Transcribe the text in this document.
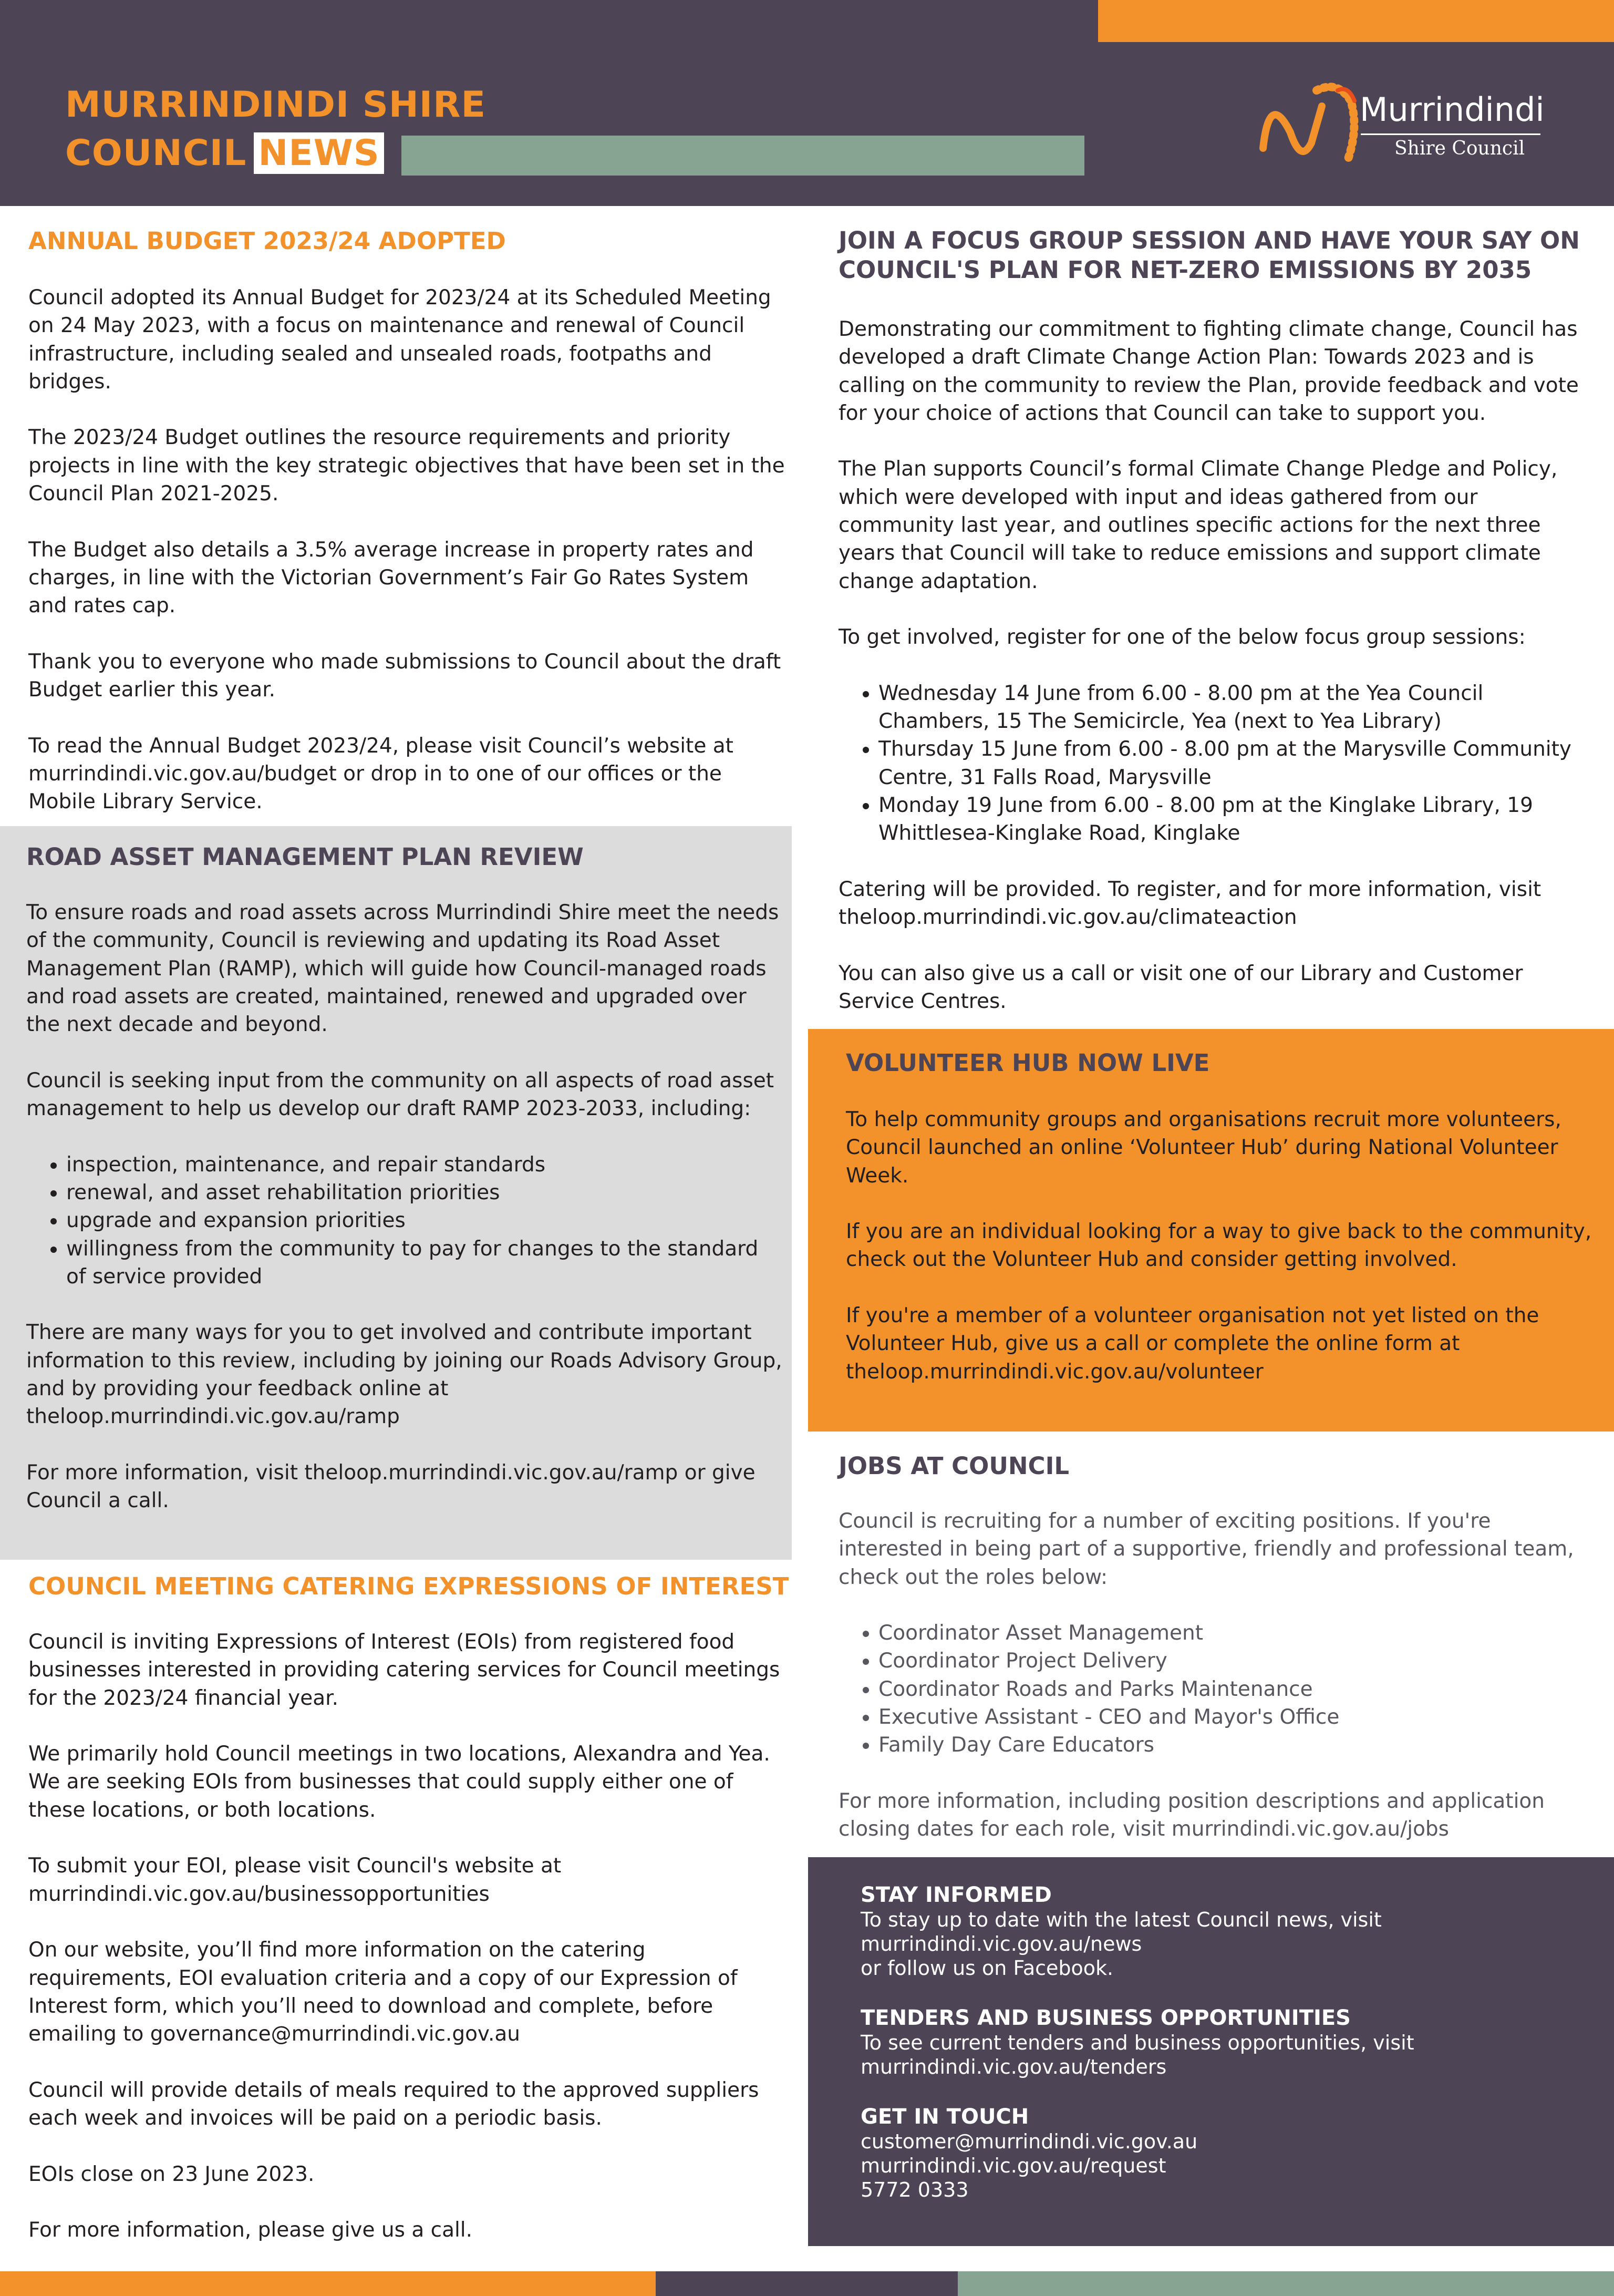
MURRINDINDI SHIRE
COUNCIL NEWS
Murrindindi
Shire Council
ANNUAL BUDGET 2023/24 ADOPTED

Council adopted its Annual Budget for 2023/24 at its Scheduled Meeting on 24 May 2023, with a focus on maintenance and renewal of Council infrastructure, including sealed and unsealed roads, footpaths and bridges.

The 2023/24 Budget outlines the resource requirements and priority projects in line with the key strategic objectives that have been set in the Council Plan 2021-2025.

The Budget also details a 3.5% average increase in property rates and charges, in line with the Victorian Government’s Fair Go Rates System and rates cap.

Thank you to everyone who made submissions to Council about the draft Budget earlier this year.

To read the Annual Budget 2023/24, please visit Council’s website at murrindindi.vic.gov.au/budget or drop in to one of our offices or the Mobile Library Service.

ROAD ASSET MANAGEMENT PLAN REVIEW

To ensure roads and road assets across Murrindindi Shire meet the needs of the community, Council is reviewing and updating its Road Asset Management Plan (RAMP), which will guide how Council-managed roads and road assets are created, maintained, renewed and upgraded over the next decade and beyond.

Council is seeking input from the community on all aspects of road asset management to help us develop our draft RAMP 2023-2033, including:

• inspection, maintenance, and repair standards
• renewal, and asset rehabilitation priorities
• upgrade and expansion priorities
• willingness from the community to pay for changes to the standard of service provided

There are many ways for you to get involved and contribute important information to this review, including by joining our Roads Advisory Group, and by providing your feedback online at theloop.murrindindi.vic.gov.au/ramp

For more information, visit theloop.murrindindi.vic.gov.au/ramp or give Council a call.

COUNCIL MEETING CATERING EXPRESSIONS OF INTEREST

Council is inviting Expressions of Interest (EOIs) from registered food businesses interested in providing catering services for Council meetings for the 2023/24 financial year.

We primarily hold Council meetings in two locations, Alexandra and Yea. We are seeking EOIs from businesses that could supply either one of these locations, or both locations.

To submit your EOI, please visit Council's website at murrindindi.vic.gov.au/businessopportunities

On our website, you’ll find more information on the catering requirements, EOI evaluation criteria and a copy of our Expression of Interest form, which you’ll need to download and complete, before emailing to governance@murrindindi.vic.gov.au

Council will provide details of meals required to the approved suppliers each week and invoices will be paid on a periodic basis.

EOIs close on 23 June 2023.

For more information, please give us a call.

JOIN A FOCUS GROUP SESSION AND HAVE YOUR SAY ON COUNCIL'S PLAN FOR NET-ZERO EMISSIONS BY 2035

Demonstrating our commitment to fighting climate change, Council has developed a draft Climate Change Action Plan: Towards 2023 and is calling on the community to review the Plan, provide feedback and vote for your choice of actions that Council can take to support you.

The Plan supports Council’s formal Climate Change Pledge and Policy, which were developed with input and ideas gathered from our community last year, and outlines specific actions for the next three years that Council will take to reduce emissions and support climate change adaptation.

To get involved, register for one of the below focus group sessions:

• Wednesday 14 June from 6.00 - 8.00 pm at the Yea Council Chambers, 15 The Semicircle, Yea (next to Yea Library)
• Thursday 15 June from 6.00 - 8.00 pm at the Marysville Community Centre, 31 Falls Road, Marysville
• Monday 19 June from 6.00 - 8.00 pm at the Kinglake Library, 19 Whittlesea-Kinglake Road, Kinglake

Catering will be provided. To register, and for more information, visit theloop.murrindindi.vic.gov.au/climateaction

You can also give us a call or visit one of our Library and Customer Service Centres.

VOLUNTEER HUB NOW LIVE

To help community groups and organisations recruit more volunteers, Council launched an online ‘Volunteer Hub’ during National Volunteer Week.

If you are an individual looking for a way to give back to the community, check out the Volunteer Hub and consider getting involved.

If you're a member of a volunteer organisation not yet listed on the Volunteer Hub, give us a call or complete the online form at theloop.murrindindi.vic.gov.au/volunteer

JOBS AT COUNCIL

Council is recruiting for a number of exciting positions. If you're interested in being part of a supportive, friendly and professional team, check out the roles below:

• Coordinator Asset Management
• Coordinator Project Delivery
• Coordinator Roads and Parks Maintenance
• Executive Assistant - CEO and Mayor's Office
• Family Day Care Educators

For more information, including position descriptions and application closing dates for each role, visit murrindindi.vic.gov.au/jobs

STAY INFORMED
To stay up to date with the latest Council news, visit
murrindindi.vic.gov.au/news
or follow us on Facebook.
TENDERS AND BUSINESS OPPORTUNITIES
To see current tenders and business opportunities, visit
murrindindi.vic.gov.au/tenders
GET IN TOUCH
customer@murrindindi.vic.gov.au
murrindindi.vic.gov.au/request
5772 0333
